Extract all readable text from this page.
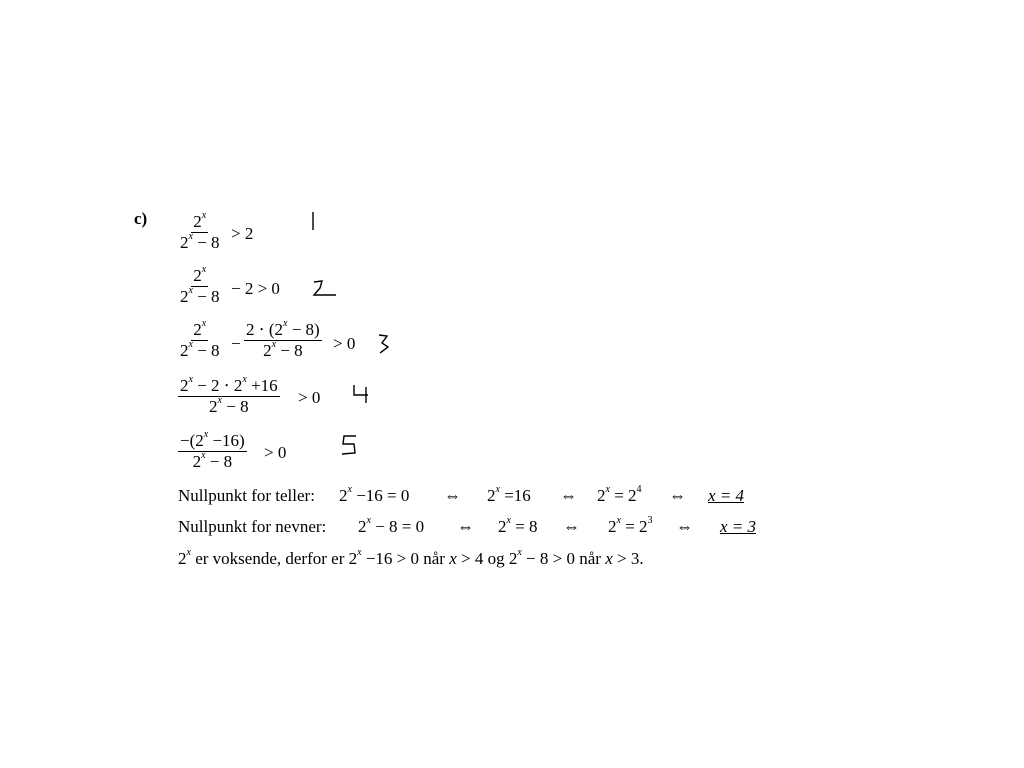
$c) \frac{2^x}{2^x - 8} > 2$
$\frac{2^x}{2^x - 8} - 2 > 0$
$\frac{2^x}{2^x - 8} - \frac{2 \cdot (2^x - 8)}{2^x - 8} > 0$
$\frac{2^x - 2 \cdot 2^x +16}{2^x - 8} > 0$
$\frac{-(2^x -16)}{2^x - 8} > 0$
Nullpunkt for teller: $2^x -16 = 0$ ⇔ $2^x =16$ ⇔ $2^x = 2^4$ ⇔ x = 4
Nullpunkt for nevner: $2^x - 8 = 0$ ⇔ $2^x = 8$ ⇔ $2^x = 2^3$ ⇔ x = 3
2$^x$ er voksende, derfor er $2^x -16 > 0$ når x > 4 og $2^x - 8 > 0$ når x > 3.
